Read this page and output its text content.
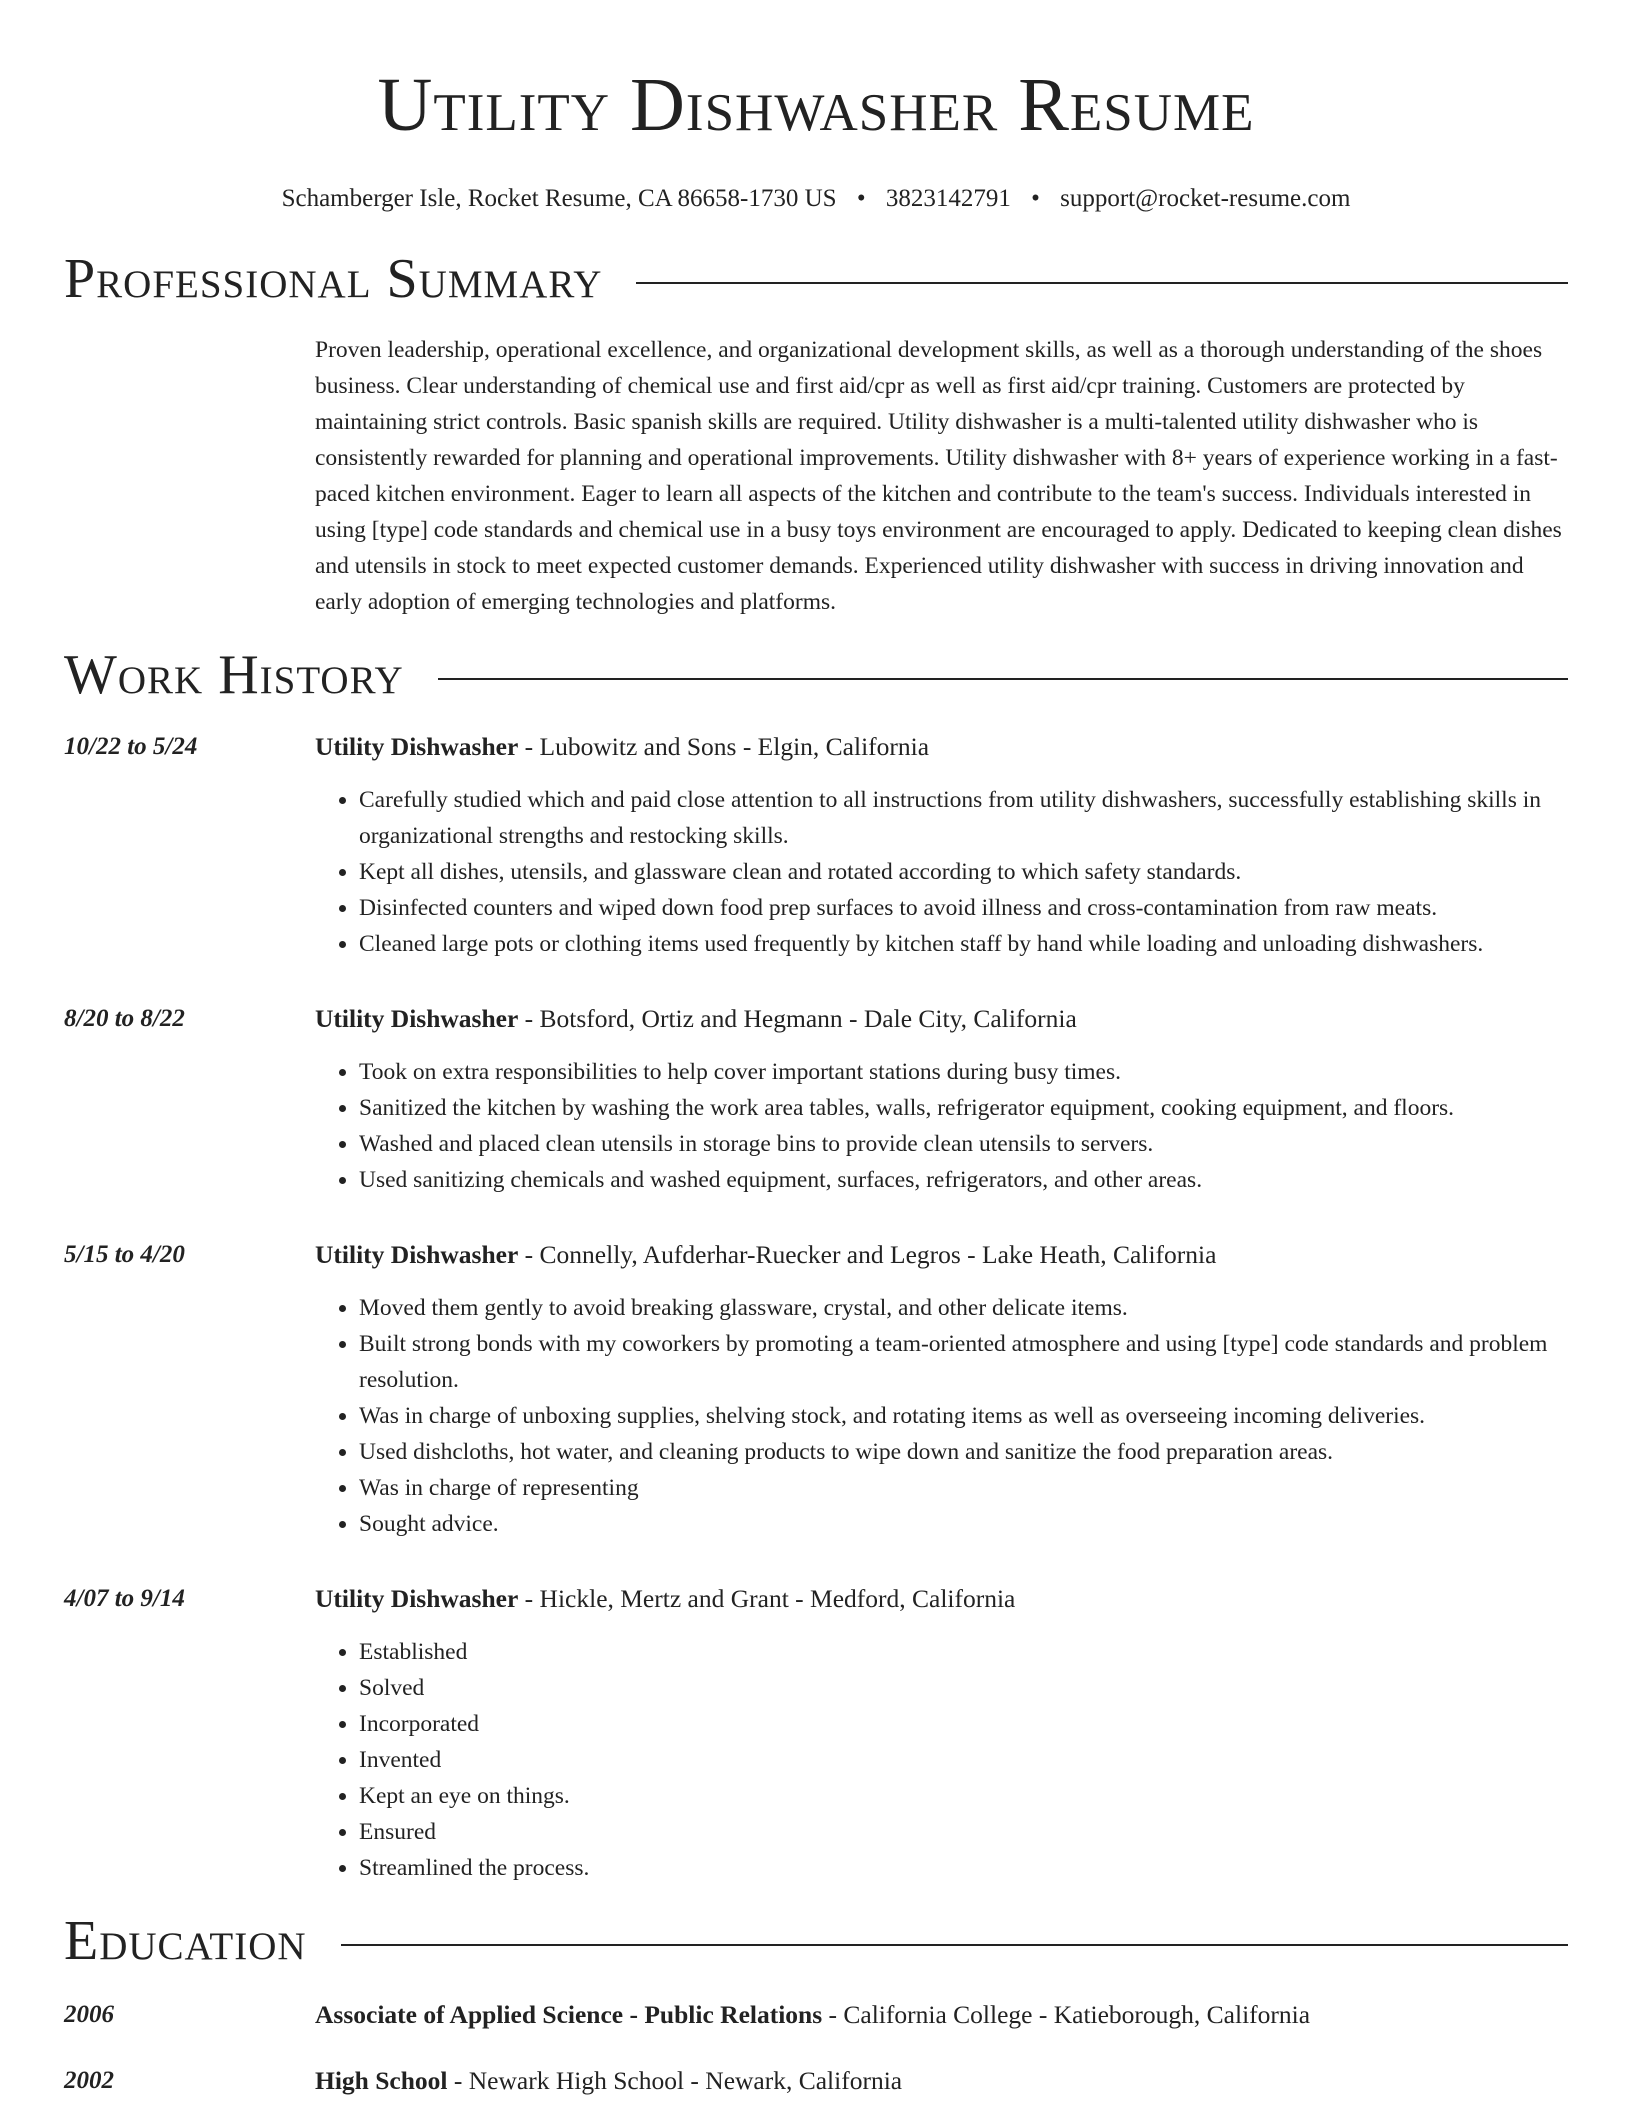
Utility Dishwasher Resume
Schamberger Isle, Rocket Resume, CA 86658-1730 US • 3823142791 • support@rocket-resume.com
Professional Summary

Proven leadership, operational excellence, and organizational development skills, as well as a thorough understanding of the shoes business. Clear understanding of chemical use and first aid/cpr as well as first aid/cpr training. Customers are protected by maintaining strict controls. Basic spanish skills are required. Utility dishwasher is a multi-talented utility dishwasher who is consistently rewarded for planning and operational improvements. Utility dishwasher with 8+ years of experience working in a fast-paced kitchen environment. Eager to learn all aspects of the kitchen and contribute to the team's success. Individuals interested in using [type] code standards and chemical use in a busy toys environment are encouraged to apply. Dedicated to keeping clean dishes and utensils in stock to meet expected customer demands. Experienced utility dishwasher with success in driving innovation and early adoption of emerging technologies and platforms.

Work History
10/22 to 5/24	Utility Dishwasher - Lubowitz and Sons - Elgin, California
• Carefully studied which and paid close attention to all instructions from utility dishwashers, successfully establishing skills in organizational strengths and restocking skills.
• Kept all dishes, utensils, and glassware clean and rotated according to which safety standards.
• Disinfected counters and wiped down food prep surfaces to avoid illness and cross-contamination from raw meats.
• Cleaned large pots or clothing items used frequently by kitchen staff by hand while loading and unloading dishwashers.
8/20 to 8/22	Utility Dishwasher - Botsford, Ortiz and Hegmann - Dale City, California
• Took on extra responsibilities to help cover important stations during busy times.
• Sanitized the kitchen by washing the work area tables, walls, refrigerator equipment, cooking equipment, and floors.
• Washed and placed clean utensils in storage bins to provide clean utensils to servers.
• Used sanitizing chemicals and washed equipment, surfaces, refrigerators, and other areas.
5/15 to 4/20	Utility Dishwasher - Connelly, Aufderhar-Ruecker and Legros - Lake Heath, California
• Moved them gently to avoid breaking glassware, crystal, and other delicate items.
• Built strong bonds with my coworkers by promoting a team-oriented atmosphere and using [type] code standards and problem resolution.
• Was in charge of unboxing supplies, shelving stock, and rotating items as well as overseeing incoming deliveries.
• Used dishcloths, hot water, and cleaning products to wipe down and sanitize the food preparation areas.
• Was in charge of representing
• Sought advice.
4/07 to 9/14	Utility Dishwasher - Hickle, Mertz and Grant - Medford, California
• Established
• Solved
• Incorporated
• Invented
• Kept an eye on things.
• Ensured
• Streamlined the process.
Education
2006	Associate of Applied Science - Public Relations - California College - Katieborough, California
2002	High School - Newark High School - Newark, California
